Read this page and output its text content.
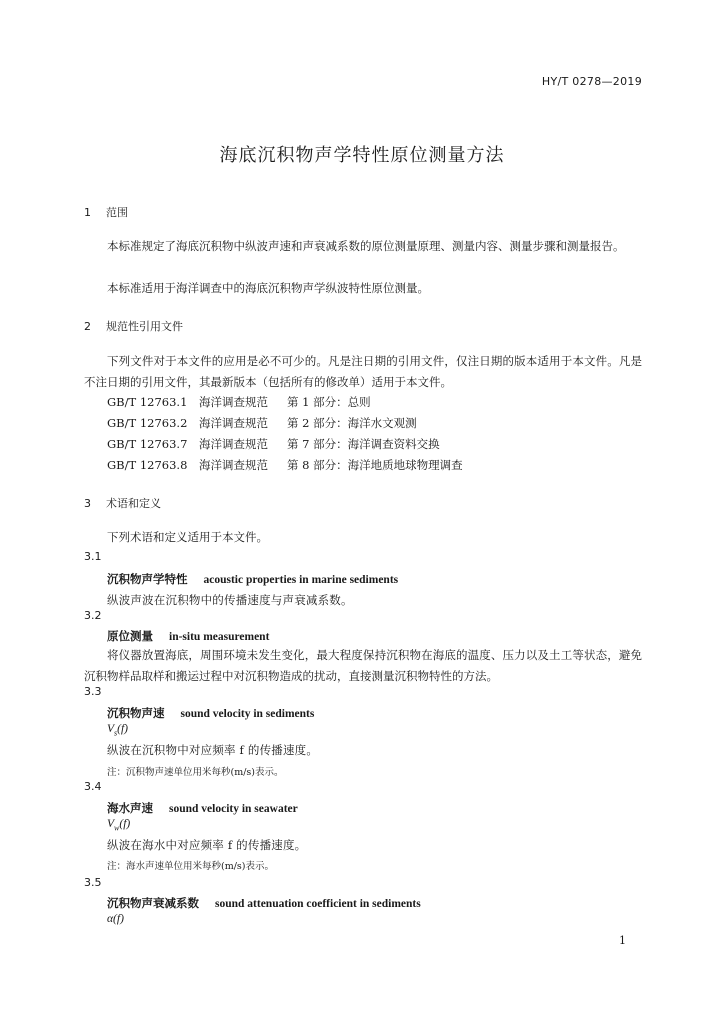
HY/T 0278—2019
海底沉积物声学特性原位测量方法
1 范围
本标准规定了海底沉积物中纵波声速和声衰减系数的原位测量原理、测量内容、测量步骤和测量报告。
本标准适用于海洋调查中的海底沉积物声学纵波特性原位测量。
2 规范性引用文件
下列文件对于本文件的应用是必不可少的。凡是注日期的引用文件，仅注日期的版本适用于本文件。凡是不注日期的引用文件，其最新版本（包括所有的修改单）适用于本文件。
GB/T 12763.1 海洋调查规范 第 1 部分：总则
GB/T 12763.2 海洋调查规范 第 2 部分：海洋水文观测
GB/T 12763.7 海洋调查规范 第 7 部分：海洋调查资料交换
GB/T 12763.8 海洋调查规范 第 8 部分：海洋地质地球物理调查
3 术语和定义
下列术语和定义适用于本文件。
3.1
沉积物声学特性 acoustic properties in marine sediments
纵波声波在沉积物中的传播速度与声衰减系数。
3.2
原位测量 in-situ measurement
将仪器放置海底，周围环境未发生变化，最大程度保持沉积物在海底的温度、压力以及土工等状态，避免沉积物样品取样和搬运过程中对沉积物造成的扰动，直接测量沉积物特性的方法。
3.3
沉积物声速 sound velocity in sediments
$V_s(f)$
纵波在沉积物中对应频率 f 的传播速度。
注：沉积物声速单位用米每秒(m/s)表示。
3.4
海水声速 sound velocity in seawater
$V_w(f)$
纵波在海水中对应频率 f 的传播速度。
注：海水声速单位用米每秒(m/s)表示。
3.5
沉积物声衰减系数 sound attenuation coefficient in sediments
α(f)
1
